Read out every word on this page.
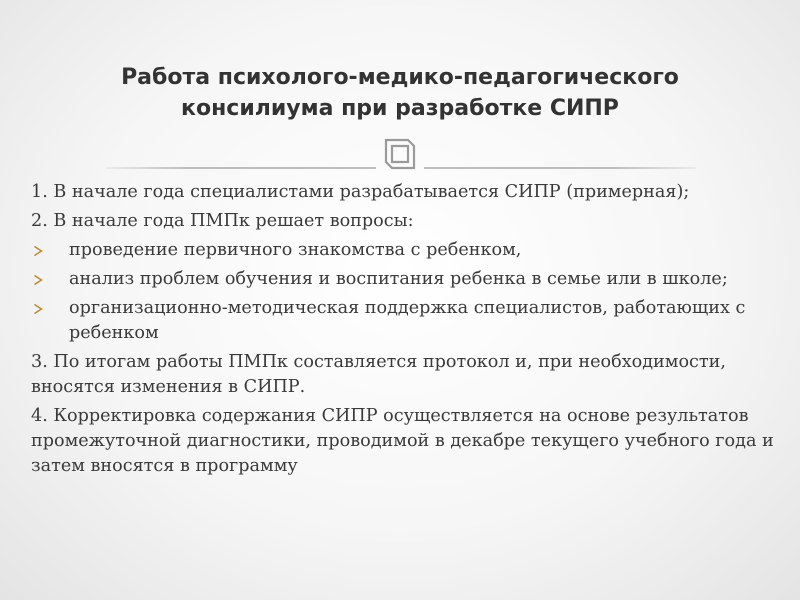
Работа психолого-медико-педагогического
консилиума при разработке СИПР

1. В начале года специалистами разрабатывается СИПР (примерная);

2. В начале года ПМПк решает вопросы:

проведение первичного знакомства с ребенком,
анализ проблем обучения и воспитания ребенка в семье или в школе;
организационно-методическая поддержка специалистов, работающих с ребенком

3. По итогам работы ПМПк составляется протокол и, при необходимости, вносятся изменения в СИПР.

4. Корректировка содержания СИПР осуществляется на основе результатов промежуточной диагностики, проводимой в декабре текущего учебного года и затем вносятся в программу
